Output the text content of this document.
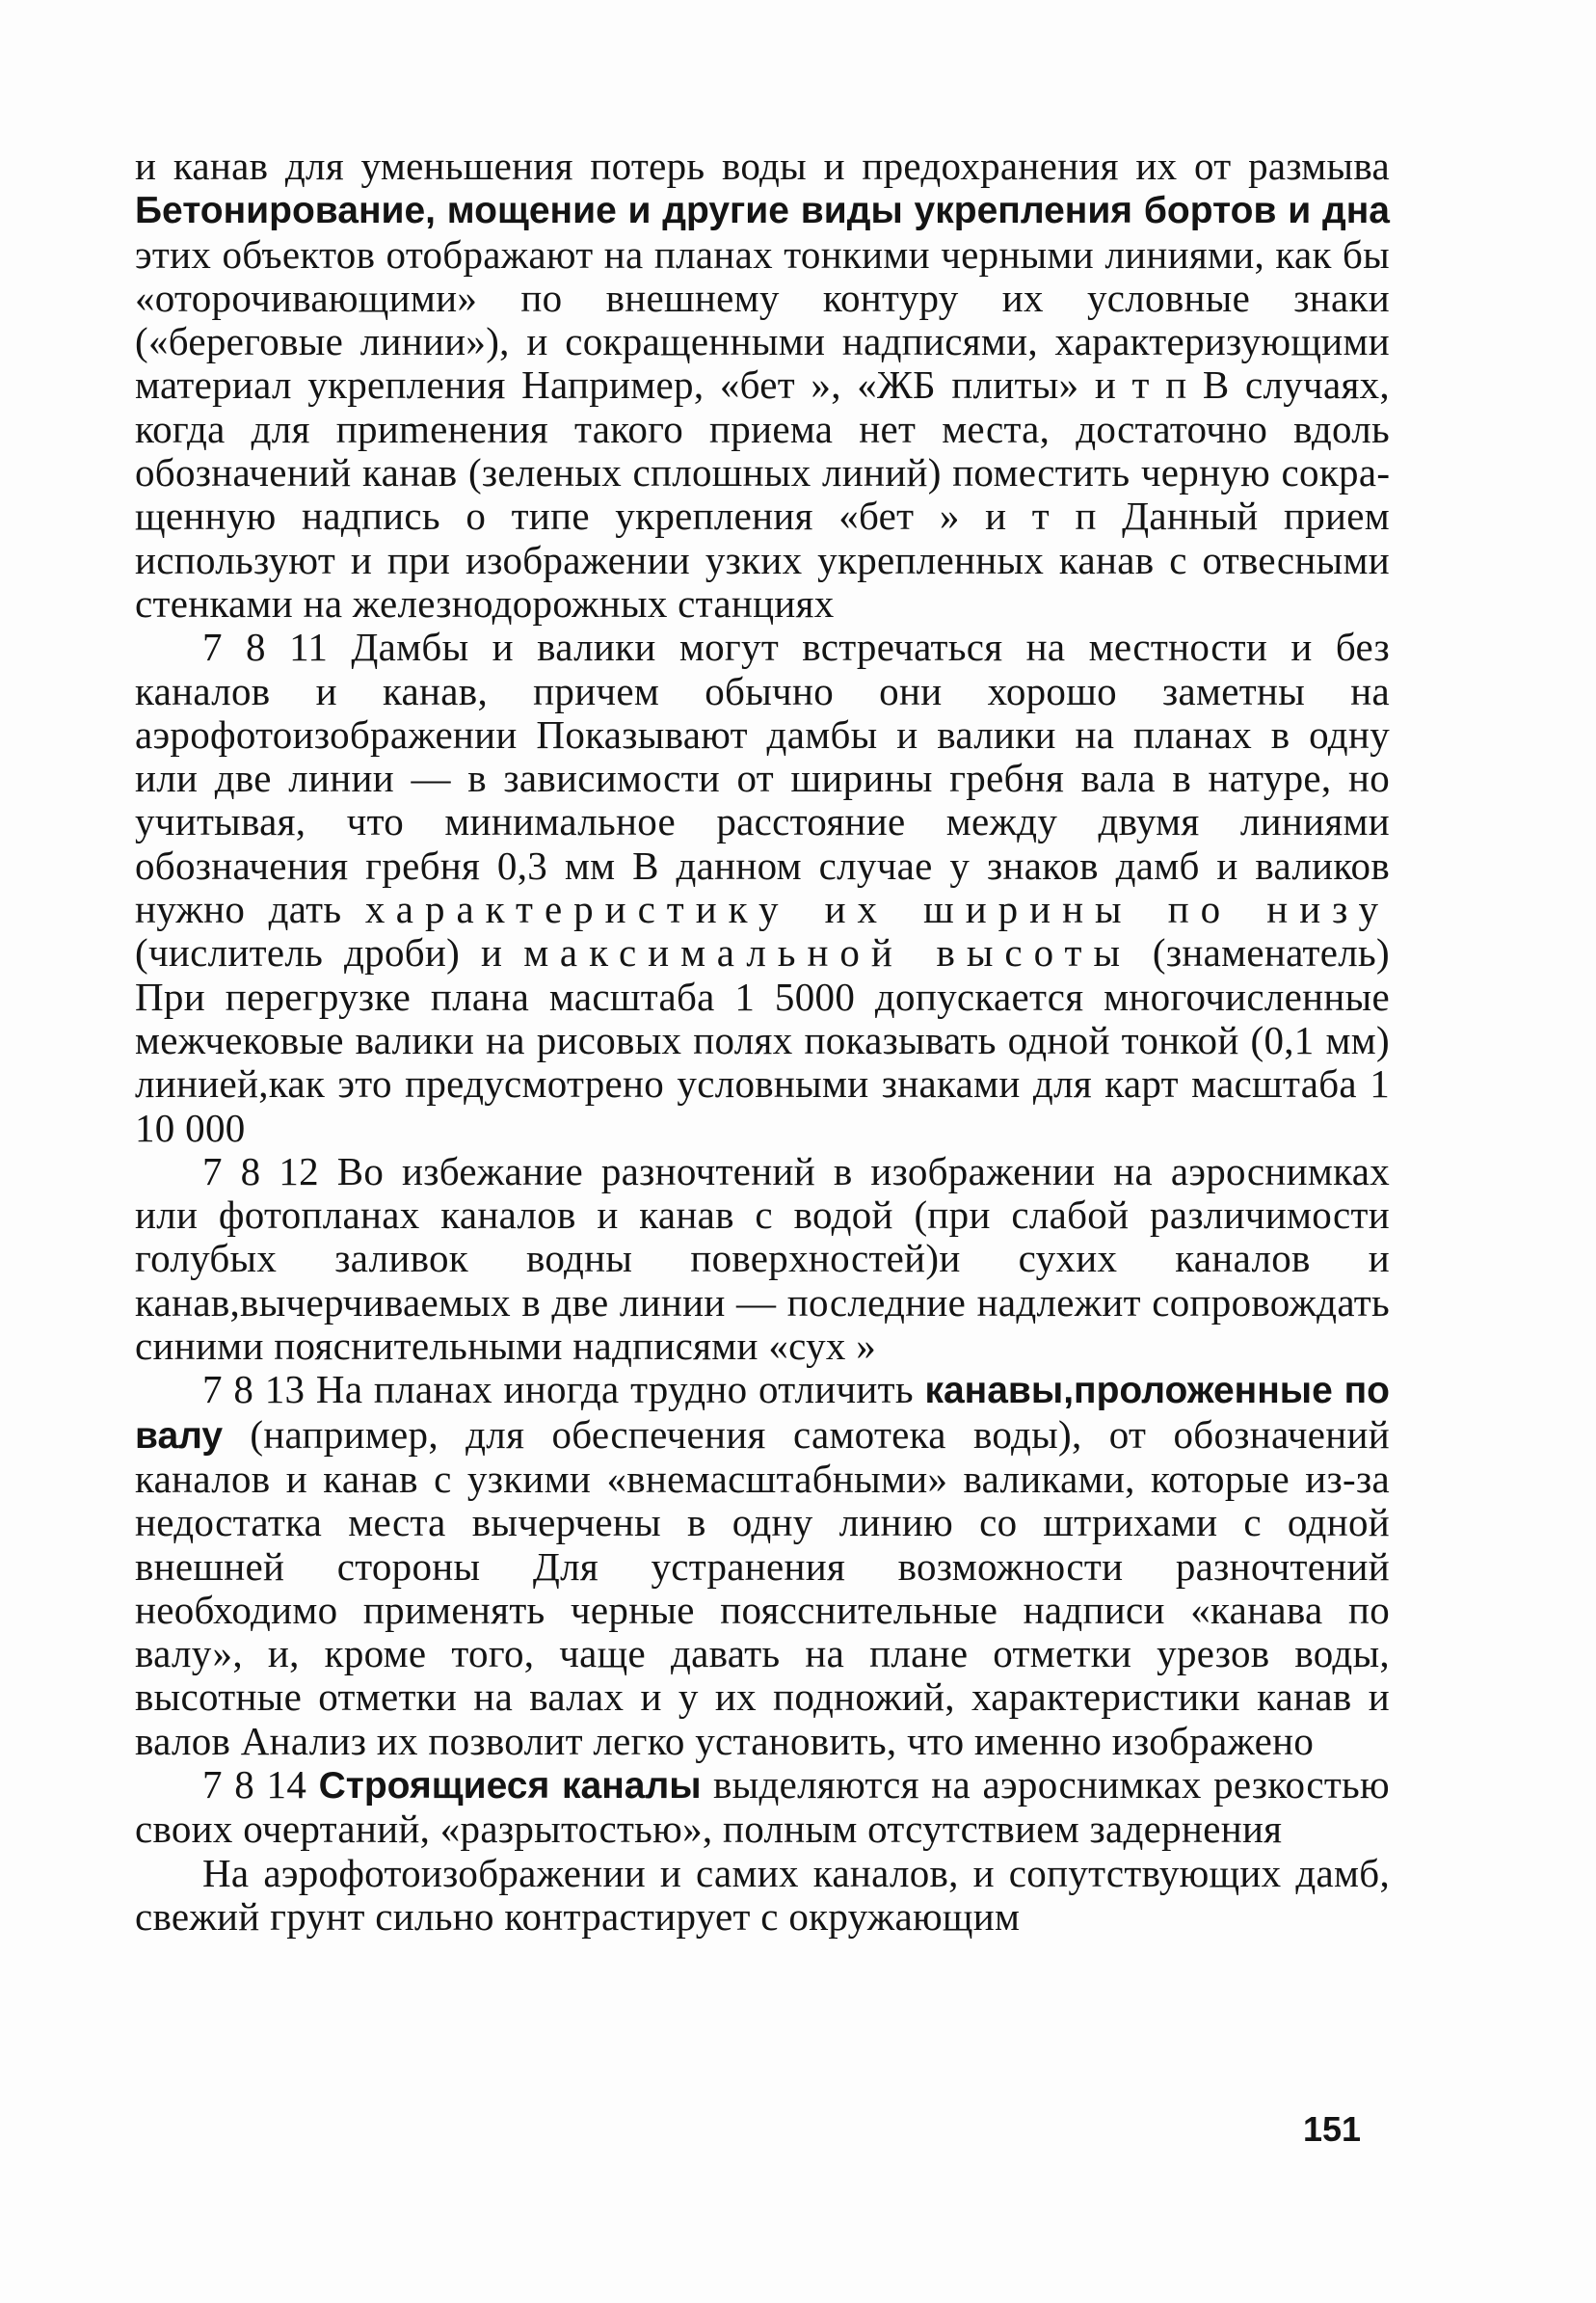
и канав для уменьшения потерь воды и предохранения их от размыва Бетонирование, мощение и другие виды укрепления бортов и дна этих объектов отображают на планах тонкими черными линиями, как бы «оторочивающими» по внешнему контуру их условные знаки («береговые линии»), и сокращенными надписями, характеризующими материал укрепления Например, «бет », «ЖБ плиты» и т п В случаях, когда для приmенения такого приема нет места, достаточно вдоль обозначений канав (зеленых сплошных линий) поместить черную сокращенную надпись о типе укрепления «бет » и т п Данный прием используют и при изображении узких укрепленных канав с отвесными стенками на железнодорожных станциях

7 8 11 Дамбы и валики могут встречаться на местности и без каналов и канав, причем обычно они хорошо заметны на аэрофотоизображении Показывают дамбы и валики на планах в одну или две линии — в зависимости от ширины гребня вала в натуре, но учитывая, что минимальное расстояние между двумя линиями обозначения гребня 0,3 мм В данном случае у знаков дамб и валиков нужно дать характеристику их ширины по низу (числитель дроби) и максимальной высоты (знаменатель) При перегрузке плана масштаба 1 5000 допускается многочисленные межчековые валики на рисовых полях показывать одной тонкой (0,1 мм) линией,как это предусмотрено условными знаками для карт масштаба 1 10 000

7 8 12 Во избежание разночтений в изображении на аэроснимках или фотопланах каналов и канав с водой (при слабой различимости голубых заливок водны поверхностей)и сухих каналов и канав,вычерчиваемых в две линии — последние надлежит сопровождать синими пояснительными надписями «сух »

7 8 13 На планах иногда трудно отличить канавы,проложенные по валу (например, для обеспечения самотека воды), от обозначений каналов и канав с узкими «внемасштабными» валиками, которые из-за недостатка места вычерчены в одну линию со штрихами с одной внешней стороны Для устранения возможности разночтений необходимо применять черные поясснительные надписи «канава по валу», и, кроме того, чаще давать на плане отметки урезов воды, высотные отметки на валах и у их подножий, характеристики канав и валов Анализ их позволит легко установить, что именно изображено

7 8 14 Строящиеся каналы выделяются на аэроснимках резкостью своих очертаний, «разрытостью», полным отсутствием задернения

На аэрофотоизображении и самих каналов, и сопутствующих дамб, свежий грунт сильно контрастирует с окружающим

151
